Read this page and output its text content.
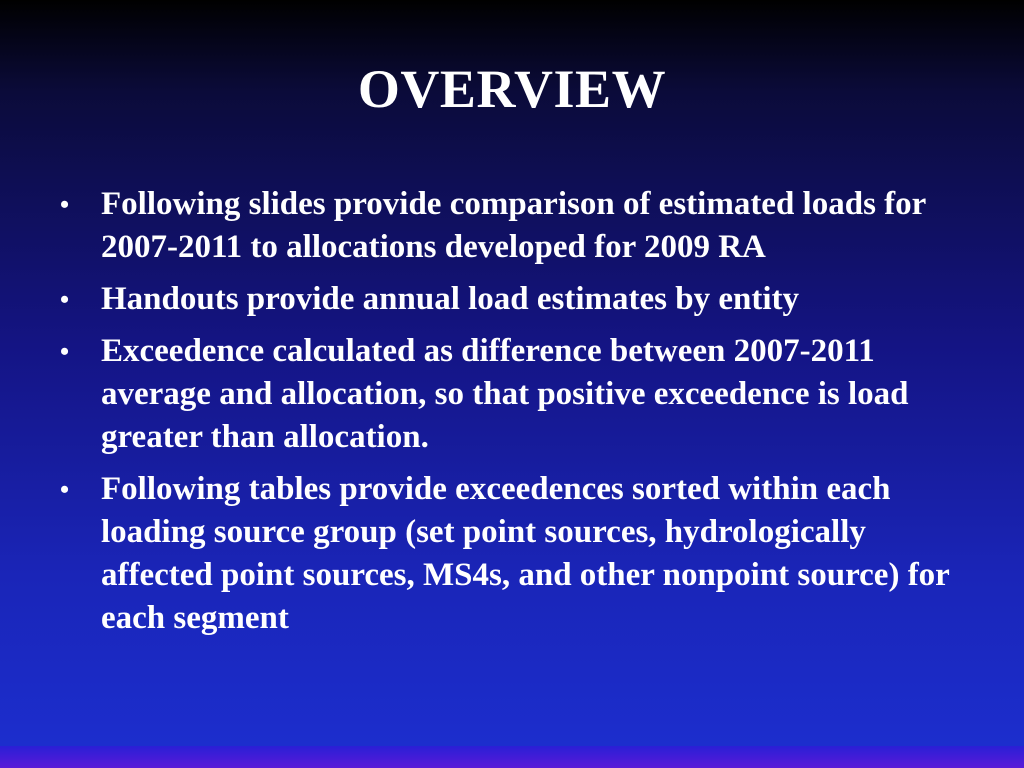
OVERVIEW
• Following slides provide comparison of estimated loads for 2007-2011 to allocations developed for 2009 RA
• Handouts provide annual load estimates by entity
• Exceedence calculated as difference between 2007-2011 average and allocation, so that positive exceedence is load greater than allocation.
• Following tables provide exceedences sorted within each loading source group (set point sources, hydrologically affected point sources, MS4s, and other nonpoint source) for each segment
